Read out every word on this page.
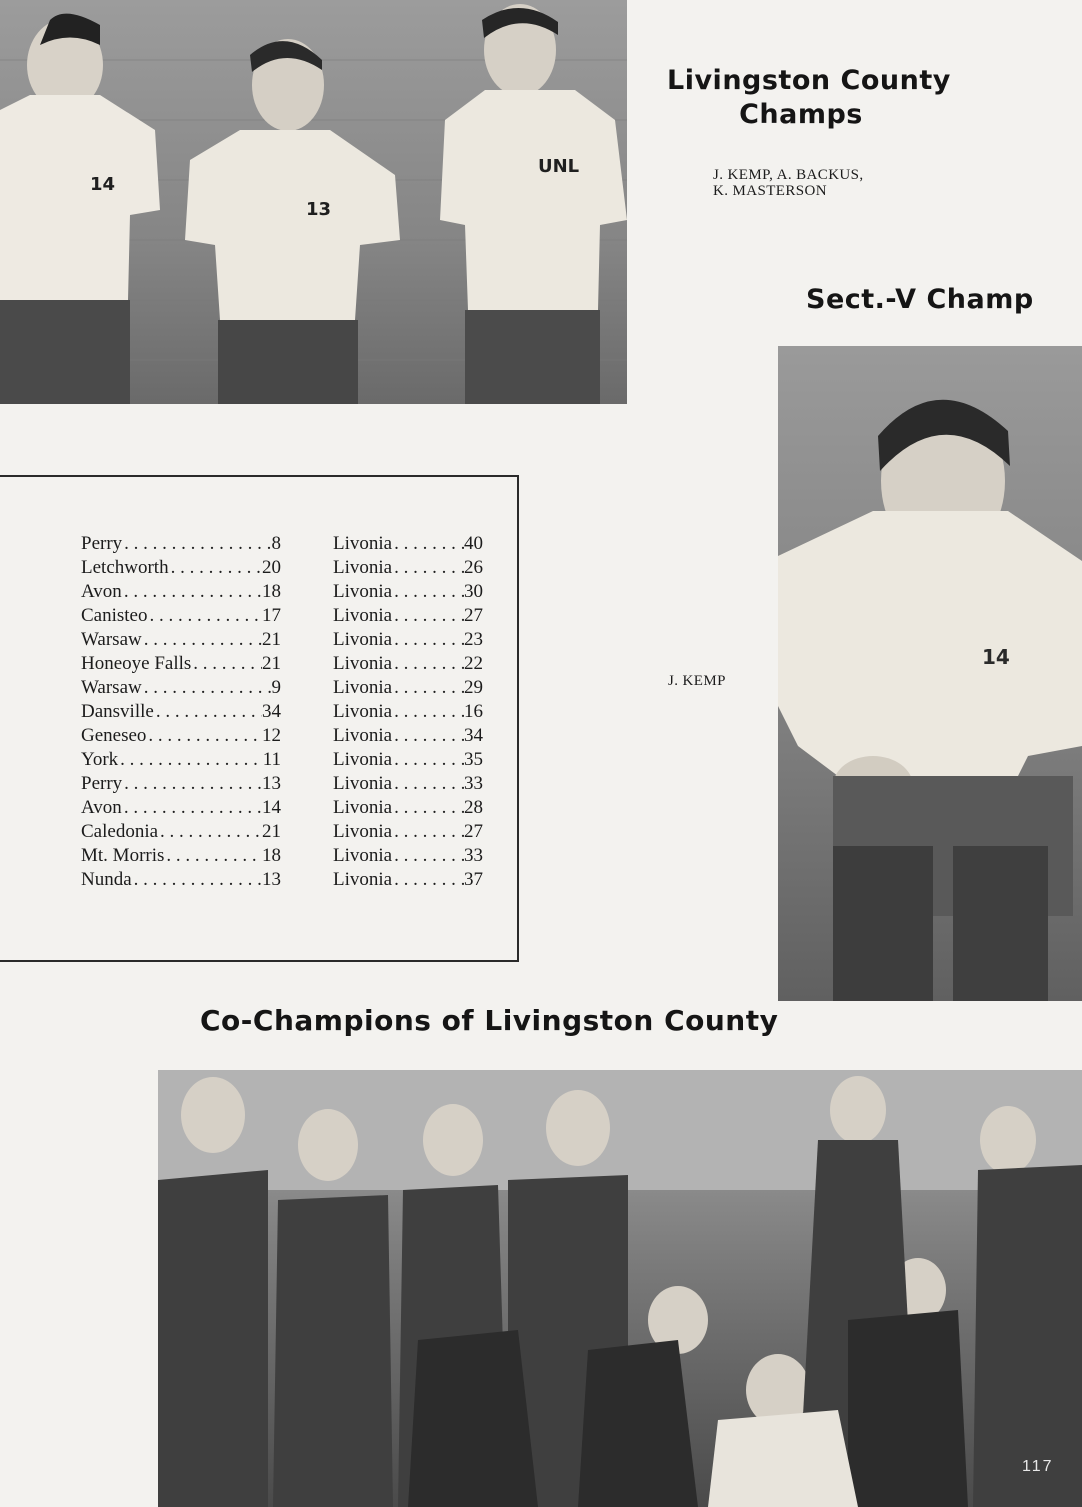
14
13
UNL
Livingston County
Champs
J. KEMP, A. BACKUS,
K. MASTERSON
Sect.-V Champ
14
J. KEMP
Perry . . .	8
Letchworth . . .	20
Avon . . .	18
Canisteo . . .	17
Warsaw . . .	21
Honeoye Falls . . .	21
Warsaw . . .	9
Dansville . . .	34
Geneseo . . .	12
York . . .	11
Perry . . .	13
Avon . . .	14
Caledonia . . .	21
Mt. Morris . . .	18
Nunda . . .	13
Livonia . . .	40
Livonia . . .	26
Livonia . . .	30
Livonia . . .	27
Livonia . . .	23
Livonia . . .	22
Livonia . . .	29
Livonia . . .	16
Livonia . . .	34
Livonia . . .	35
Livonia . . .	33
Livonia . . .	28
Livonia . . .	27
Livonia . . .	33
Livonia . . .	37
Co-Champions of Livingston County
117
